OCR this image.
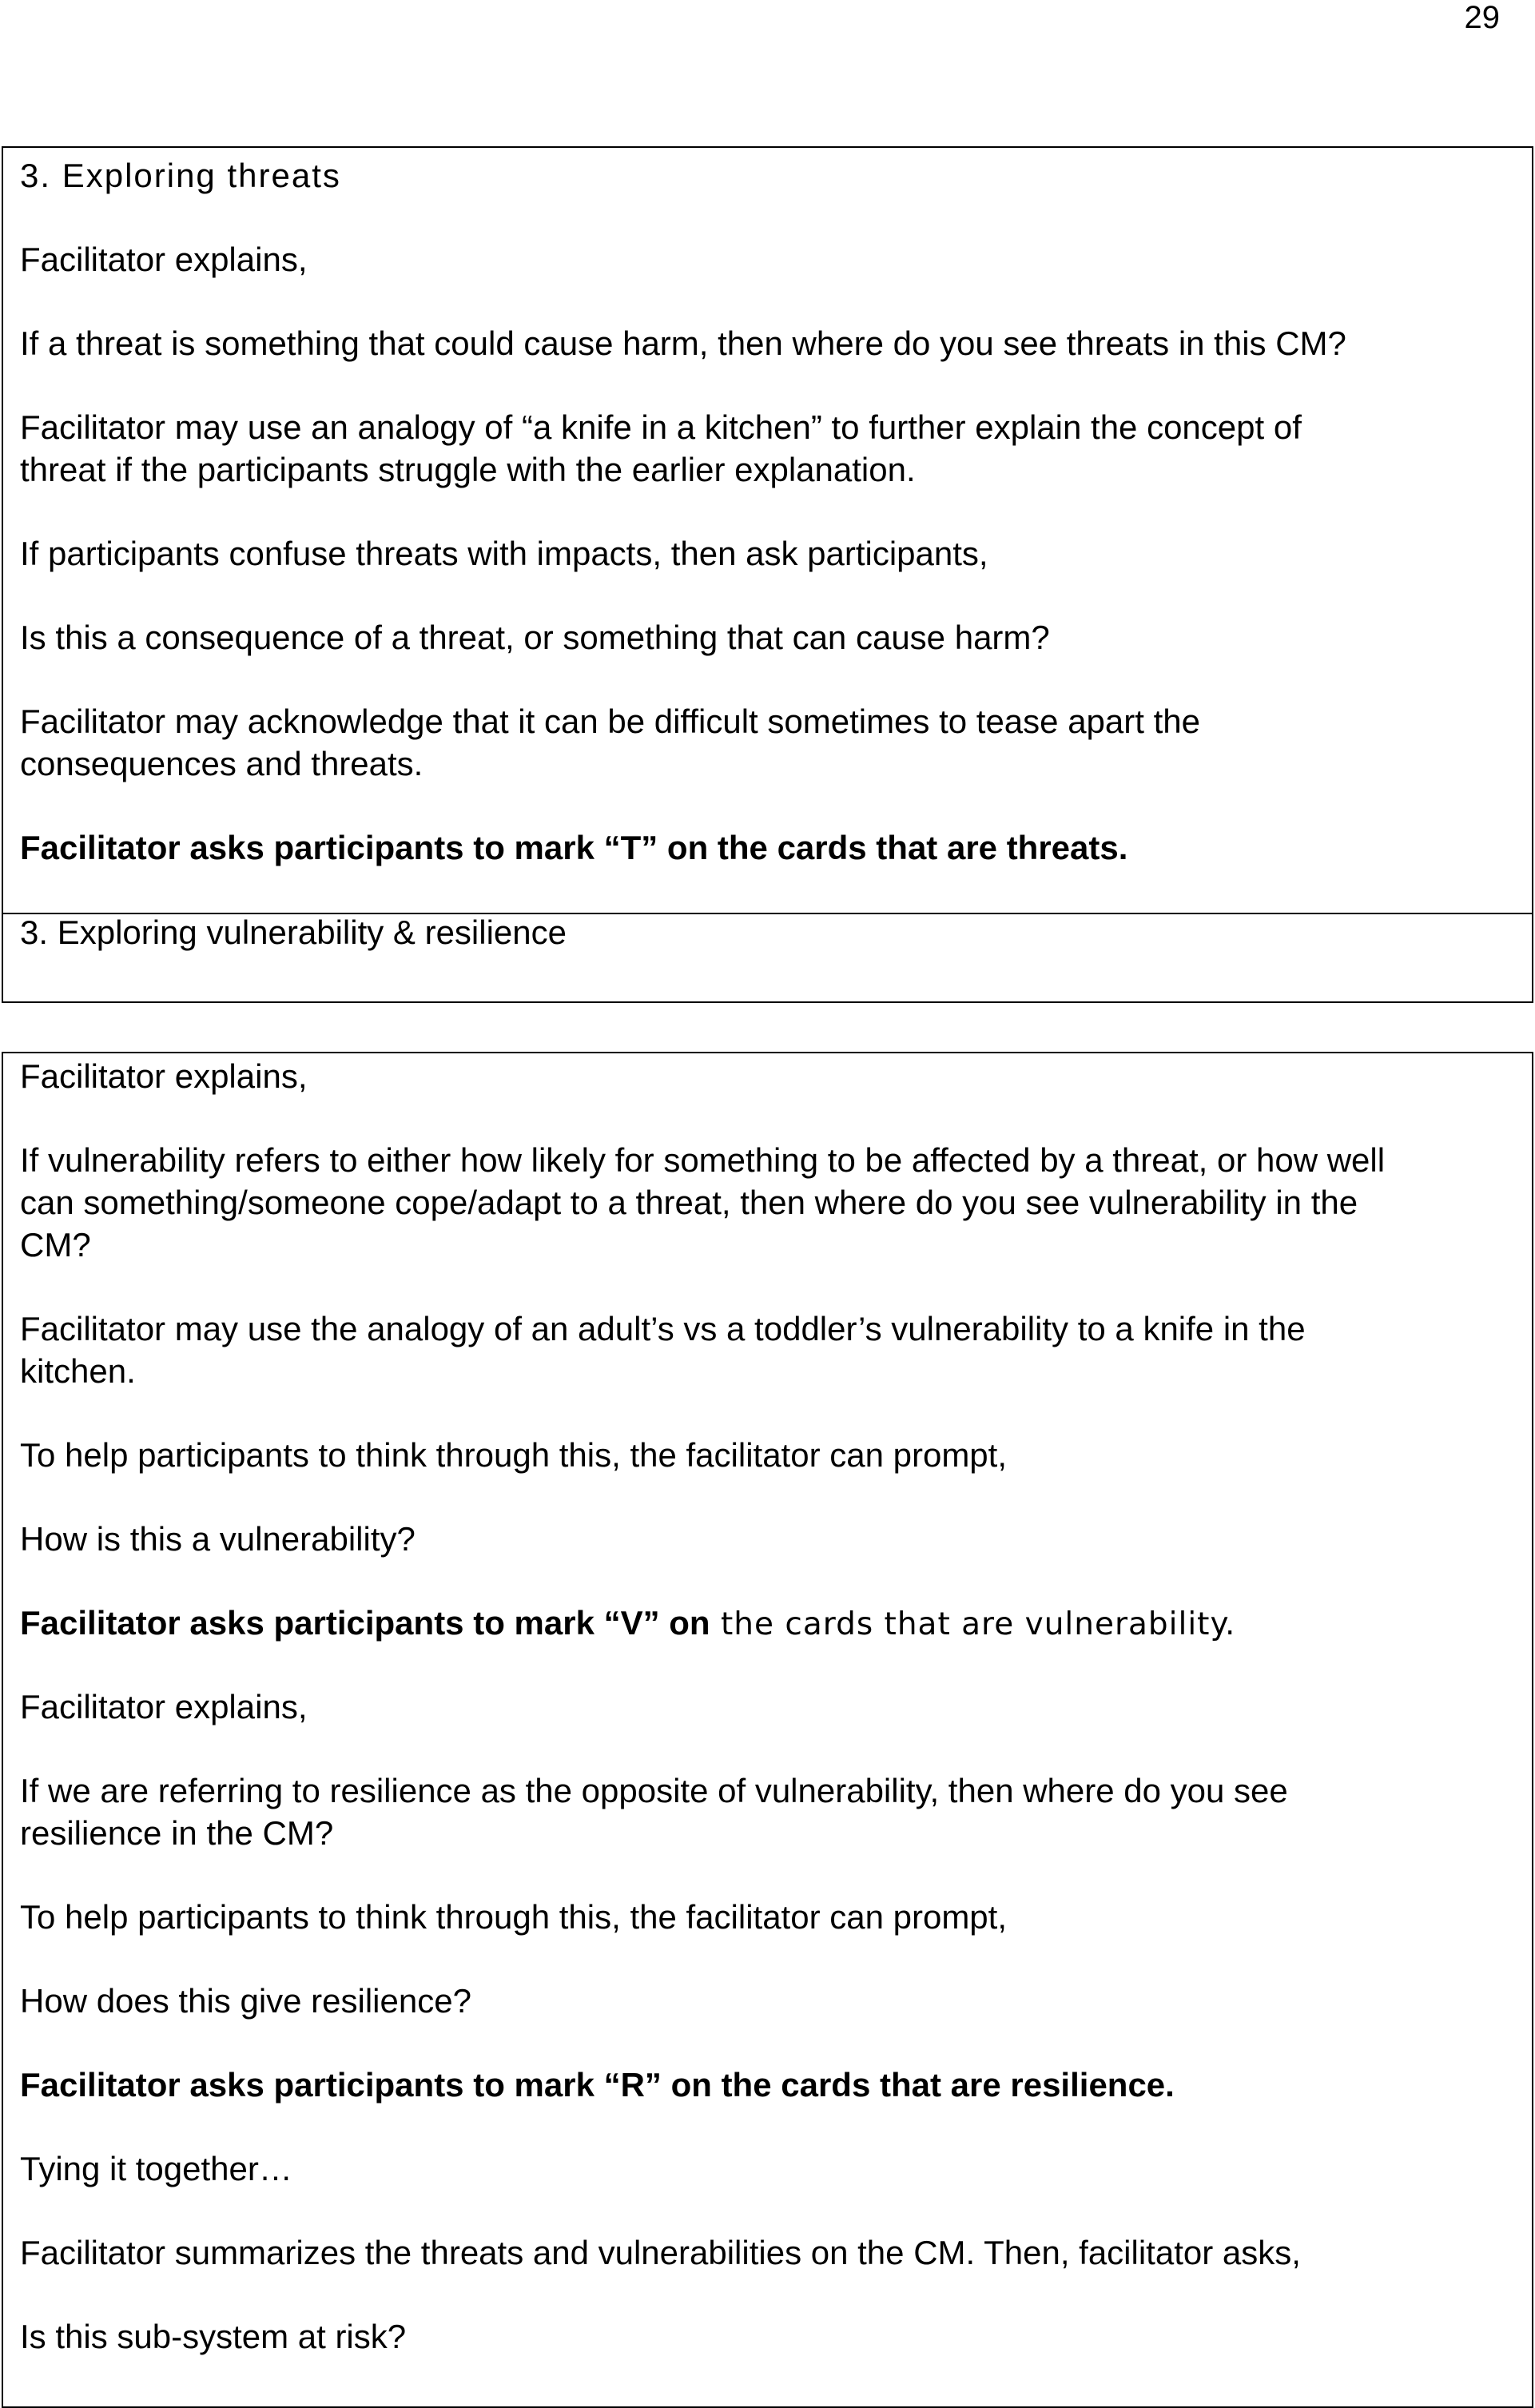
29

3. Exploring threats

Facilitator explains,

If a threat is something that could cause harm, then where do you see threats in this CM?

Facilitator may use an analogy of “a knife in a kitchen” to further explain the concept of

threat if the participants struggle with the earlier explanation.

If participants confuse threats with impacts, then ask participants,

Is this a consequence of a threat, or something that can cause harm?

Facilitator may acknowledge that it can be difficult sometimes to tease apart the

consequences and threats.

Facilitator asks participants to mark “T” on the cards that are threats.

3. Exploring vulnerability & resilience

Facilitator explains,

If vulnerability refers to either how likely for something to be affected by a threat, or how well

can something/someone cope/adapt to a threat, then where do you see vulnerability in the

CM?

Facilitator may use the analogy of an adult’s vs a toddler’s vulnerability to a knife in the

kitchen.

To help participants to think through this, the facilitator can prompt,

How is this a vulnerability?

Facilitator asks participants to mark “V” on the cards that are vulnerability.

Facilitator explains,

If we are referring to resilience as the opposite of vulnerability, then where do you see

resilience in the CM?

To help participants to think through this, the facilitator can prompt,

How does this give resilience?

Facilitator asks participants to mark “R” on the cards that are resilience.

Tying it together…

Facilitator summarizes the threats and vulnerabilities on the CM. Then, facilitator asks,

Is this sub-system at risk?
